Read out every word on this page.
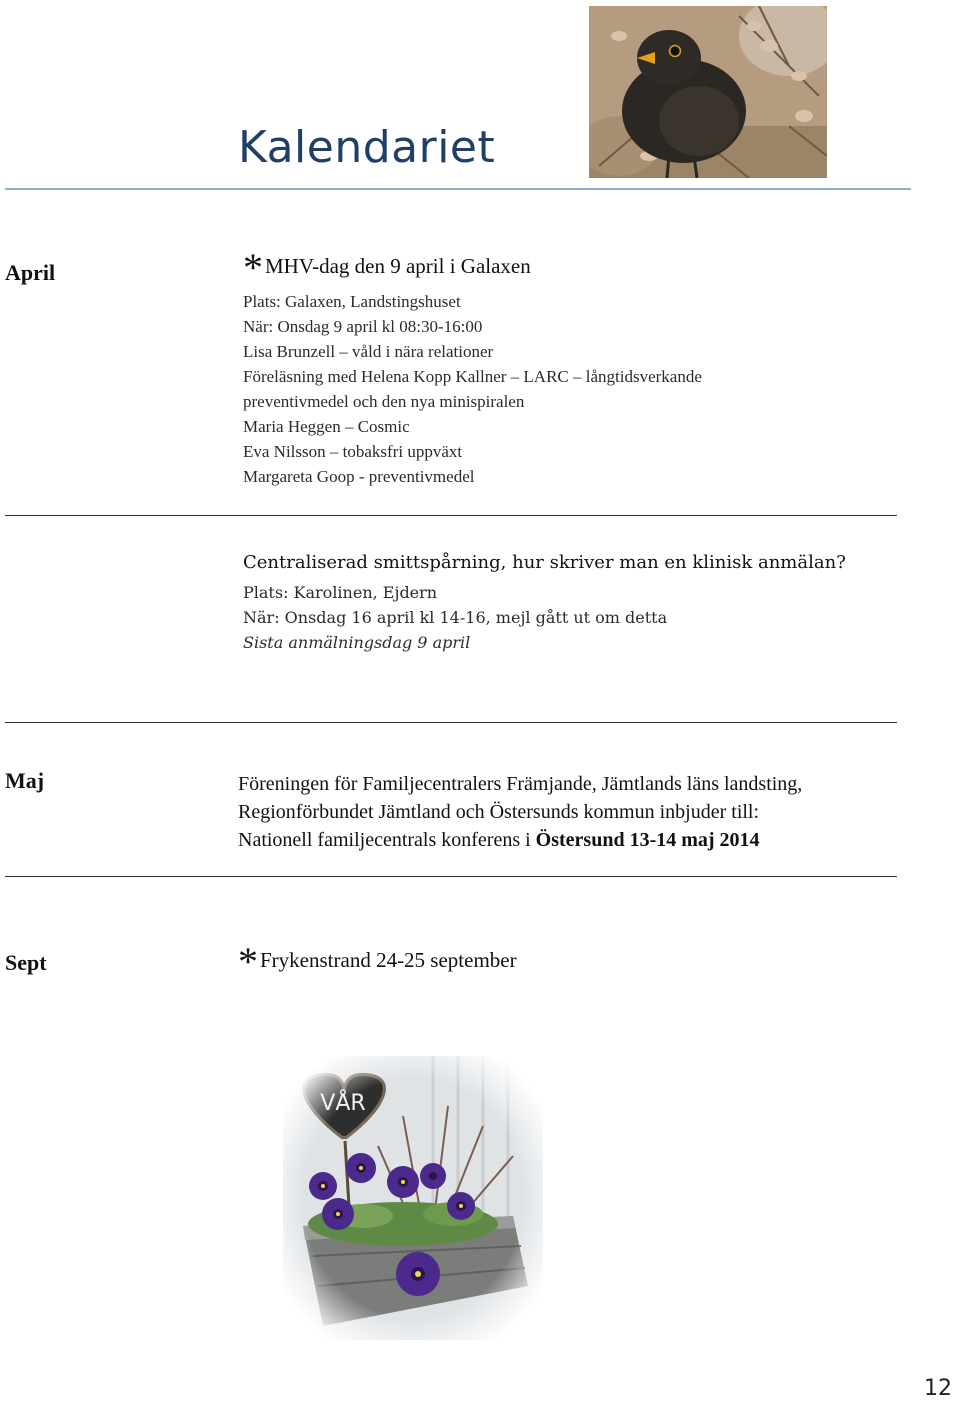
Kalendariet
April	*MHV-dag den 9 april i Galaxen
Plats: Galaxen, Landstingshuset
När: Onsdag 9 april kl 08:30-16:00
Lisa Brunzell – våld i nära relationer
Föreläsning med Helena Kopp Kallner – LARC – långtidsverkande
preventivmedel och den nya minispiralen
Maria Heggen – Cosmic
Eva Nilsson – tobaksfri uppväxt
Margareta Goop - preventivmedel
Centraliserad smittspårning, hur skriver man en klinisk anmälan?
Plats: Karolinen, Ejdern
När: Onsdag 16 april kl 14-16, mejl gått ut om detta
Sista anmälningsdag 9 april
Maj	Föreningen för Familjecentralers Främjande, Jämtlands läns landsting,
Regionförbundet Jämtland och Östersunds kommun inbjuder till:
Nationell familjecentrals konferens i Östersund 13-14 maj 2014
Sept	*Frykenstrand 24-25 september
12
